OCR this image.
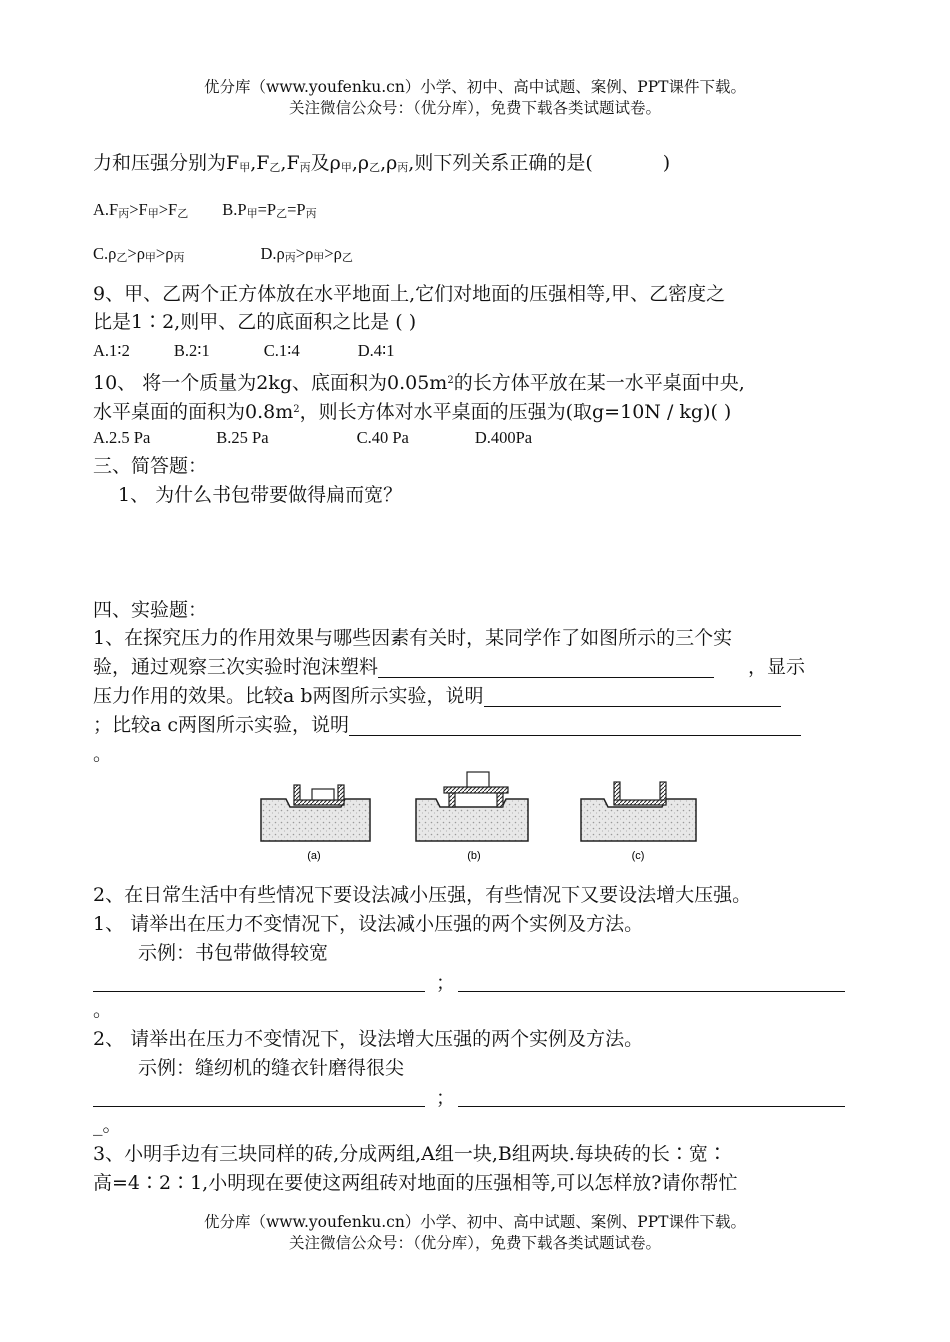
优分库（www.youfenku.cn）小学、初中、高中试题、案例、PPT课件下载。
关注微信公众号：（优分库），免费下载各类试题试卷。
力和压强分别为$F_甲,F_乙,F_丙$及$\rho_甲,\rho_乙,\rho_丙$,则下列关系正确的是(	)
$A.F_丙>F_甲>F_乙$ $B.P_甲=P_乙=P_丙$
$C.\rho_乙>\rho_甲>\rho_丙$	$D.\rho_丙>\rho_甲>\rho_乙$
9、甲、乙两个正方体放在水平地面上,它们对地面的压强相等,甲、乙密度之
比是1∶2,则甲、乙的底面积之比是 ( )
A.1∶2	B.2∶1	C.1∶4	D.4∶1
10、 将一个质量为2kg、底面积为$0.05m^2$的长方体平放在某一水平桌面中央,
水平桌面的面积为$0.8m^2$，则长方体对水平桌面的压强为(取g=10N / kg)( )
A.2.5 Pa	B.25 Pa	C.40 Pa	D.400Pa
三、简答题：
1、 为什么书包带要做得扁而宽？
四、实验题：
1、在探究压力的作用效果与哪些因素有关时，某同学作了如图所示的三个实
验，通过观察三次实验时泡沫塑料	，显示
压力作用的效果。比较a b两图所示实验，说明
；比较a c两图所示实验，说明
。
(a)	(b)	(c)
2、在日常生活中有些情况下要设法减小压强，有些情况下又要设法增大压强。
1、 请举出在压力不变情况下，设法减小压强的两个实例及方法。
示例：书包带做得较宽
；
。
2、 请举出在压力不变情况下，设法增大压强的两个实例及方法。
示例：缝纫机的缝衣针磨得很尖
；
_。
3、小明手边有三块同样的砖,分成两组,A组一块,B组两块.每块砖的长∶宽∶
高=4∶2∶1,小明现在要使这两组砖对地面的压强相等,可以怎样放?请你帮忙
优分库（www.youfenku.cn）小学、初中、高中试题、案例、PPT课件下载。
关注微信公众号：（优分库），免费下载各类试题试卷。
